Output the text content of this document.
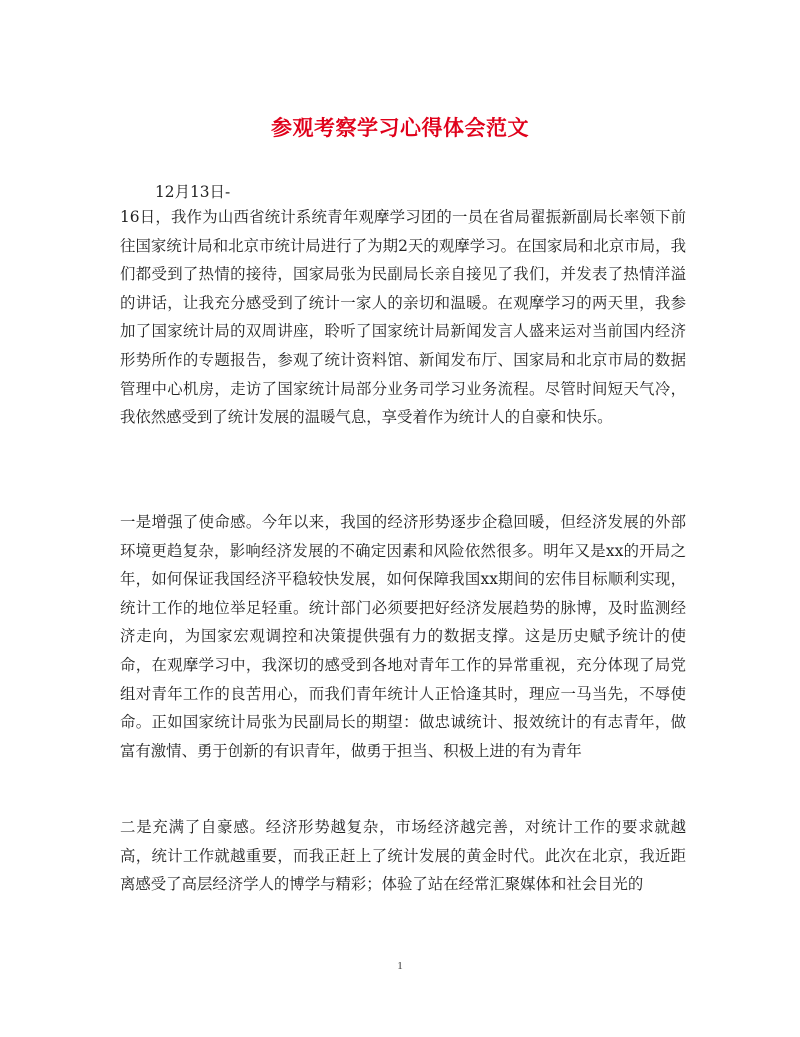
参观考察学习心得体会范文

12月13日-

16日，我作为山西省统计系统青年观摩学习团的一员在省局翟振新副局长率领下前往国家统计局和北京市统计局进行了为期2天的观摩学习。在国家局和北京市局，我们都受到了热情的接待，国家局张为民副局长亲自接见了我们，并发表了热情洋溢的讲话，让我充分感受到了统计一家人的亲切和温暖。在观摩学习的两天里，我参加了国家统计局的双周讲座，聆听了国家统计局新闻发言人盛来运对当前国内经济形势所作的专题报告，参观了统计资料馆、新闻发布厅、国家局和北京市局的数据管理中心机房，走访了国家统计局部分业务司学习业务流程。尽管时间短天气冷，我依然感受到了统计发展的温暖气息，享受着作为统计人的自豪和快乐。

一是增强了使命感。今年以来，我国的经济形势逐步企稳回暖，但经济发展的外部环境更趋复杂，影响经济发展的不确定因素和风险依然很多。明年又是xx的开局之年，如何保证我国经济平稳较快发展，如何保障我国xx期间的宏伟目标顺利实现，统计工作的地位举足轻重。统计部门必须要把好经济发展趋势的脉博，及时监测经济走向，为国家宏观调控和决策提供强有力的数据支撑。这是历史赋予统计的使命，在观摩学习中，我深切的感受到各地对青年工作的异常重视，充分体现了局党组对青年工作的良苦用心，而我们青年统计人正恰逢其时，理应一马当先，不辱使命。正如国家统计局张为民副局长的期望：做忠诚统计、报效统计的有志青年，做富有激情、勇于创新的有识青年，做勇于担当、积极上进的有为青年

二是充满了自豪感。经济形势越复杂，市场经济越完善，对统计工作的要求就越高，统计工作就越重要，而我正赶上了统计发展的黄金时代。此次在北京，我近距离感受了高层经济学人的博学与精彩；体验了站在经常汇聚媒体和社会目光的

1
